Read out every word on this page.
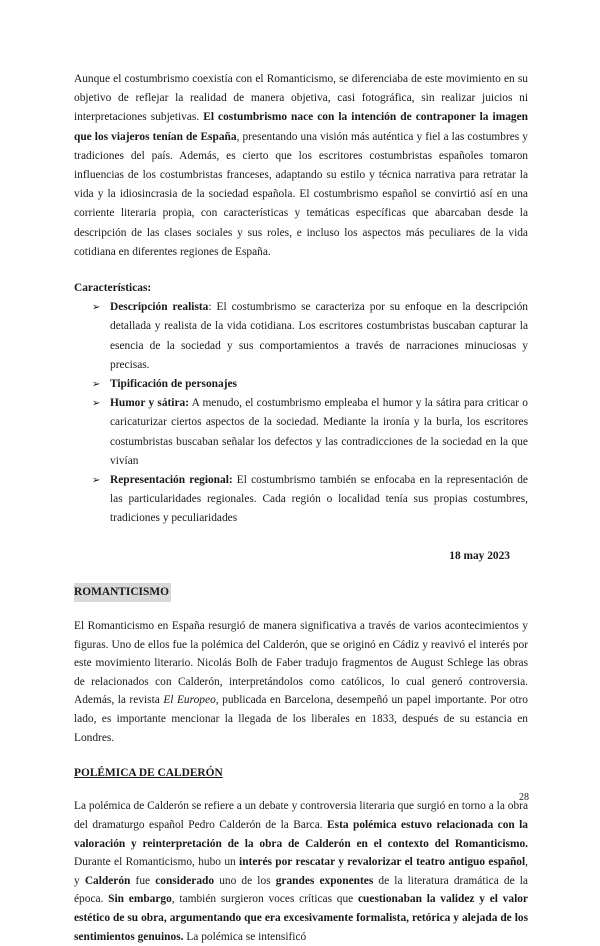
Aunque el costumbrismo coexistía con el Romanticismo, se diferenciaba de este movimiento en su objetivo de reflejar la realidad de manera objetiva, casi fotográfica, sin realizar juicios ni interpretaciones subjetivas. El costumbrismo nace con la intención de contraponer la imagen que los viajeros tenían de España, presentando una visión más auténtica y fiel a las costumbres y tradiciones del país. Además, es cierto que los escritores costumbristas españoles tomaron influencias de los costumbristas franceses, adaptando su estilo y técnica narrativa para retratar la vida y la idiosincrasia de la sociedad española. El costumbrismo español se convirtió así en una corriente literaria propia, con características y temáticas específicas que abarcaban desde la descripción de las clases sociales y sus roles, e incluso los aspectos más peculiares de la vida cotidiana en diferentes regiones de España.

Características:

➢ Descripción realista: El costumbrismo se caracteriza por su enfoque en la descripción detallada y realista de la vida cotidiana. Los escritores costumbristas buscaban capturar la esencia de la sociedad y sus comportamientos a través de narraciones minuciosas y precisas.
➢ Tipificación de personajes
➢ Humor y sátira: A menudo, el costumbrismo empleaba el humor y la sátira para criticar o caricaturizar ciertos aspectos de la sociedad. Mediante la ironía y la burla, los escritores costumbristas buscaban señalar los defectos y las contradicciones de la sociedad en la que vivían
➢ Representación regional: El costumbrismo también se enfocaba en la representación de las particularidades regionales. Cada región o localidad tenía sus propias costumbres, tradiciones y peculiaridades
18 may 2023
ROMANTICISMO

El Romanticismo en España resurgió de manera significativa a través de varios acontecimientos y figuras. Uno de ellos fue la polémica del Calderón, que se originó en Cádiz y reavivó el interés por este movimiento literario. Nicolás Bolh de Faber tradujo fragmentos de August Schlege las obras de relacionados con Calderón, interpretándolos como católicos, lo cual generó controversia. Además, la revista El Europeo, publicada en Barcelona, desempeñó un papel importante. Por otro lado, es importante mencionar la llegada de los liberales en 1833, después de su estancia en Londres.

POLÉMICA DE CALDERÓN

La polémica de Calderón se refiere a un debate y controversia literaria que surgió en torno a la obra del dramaturgo español Pedro Calderón de la Barca. Esta polémica estuvo relacionada con la valoración y reinterpretación de la obra de Calderón en el contexto del Romanticismo. Durante el Romanticismo, hubo un interés por rescatar y revalorizar el teatro antiguo español, y Calderón fue considerado uno de los grandes exponentes de la literatura dramática de la época. Sin embargo, también surgieron voces críticas que cuestionaban la validez y el valor estético de su obra, argumentando que era excesivamente formalista, retórica y alejada de los sentimientos genuinos. La polémica se intensificó

28
